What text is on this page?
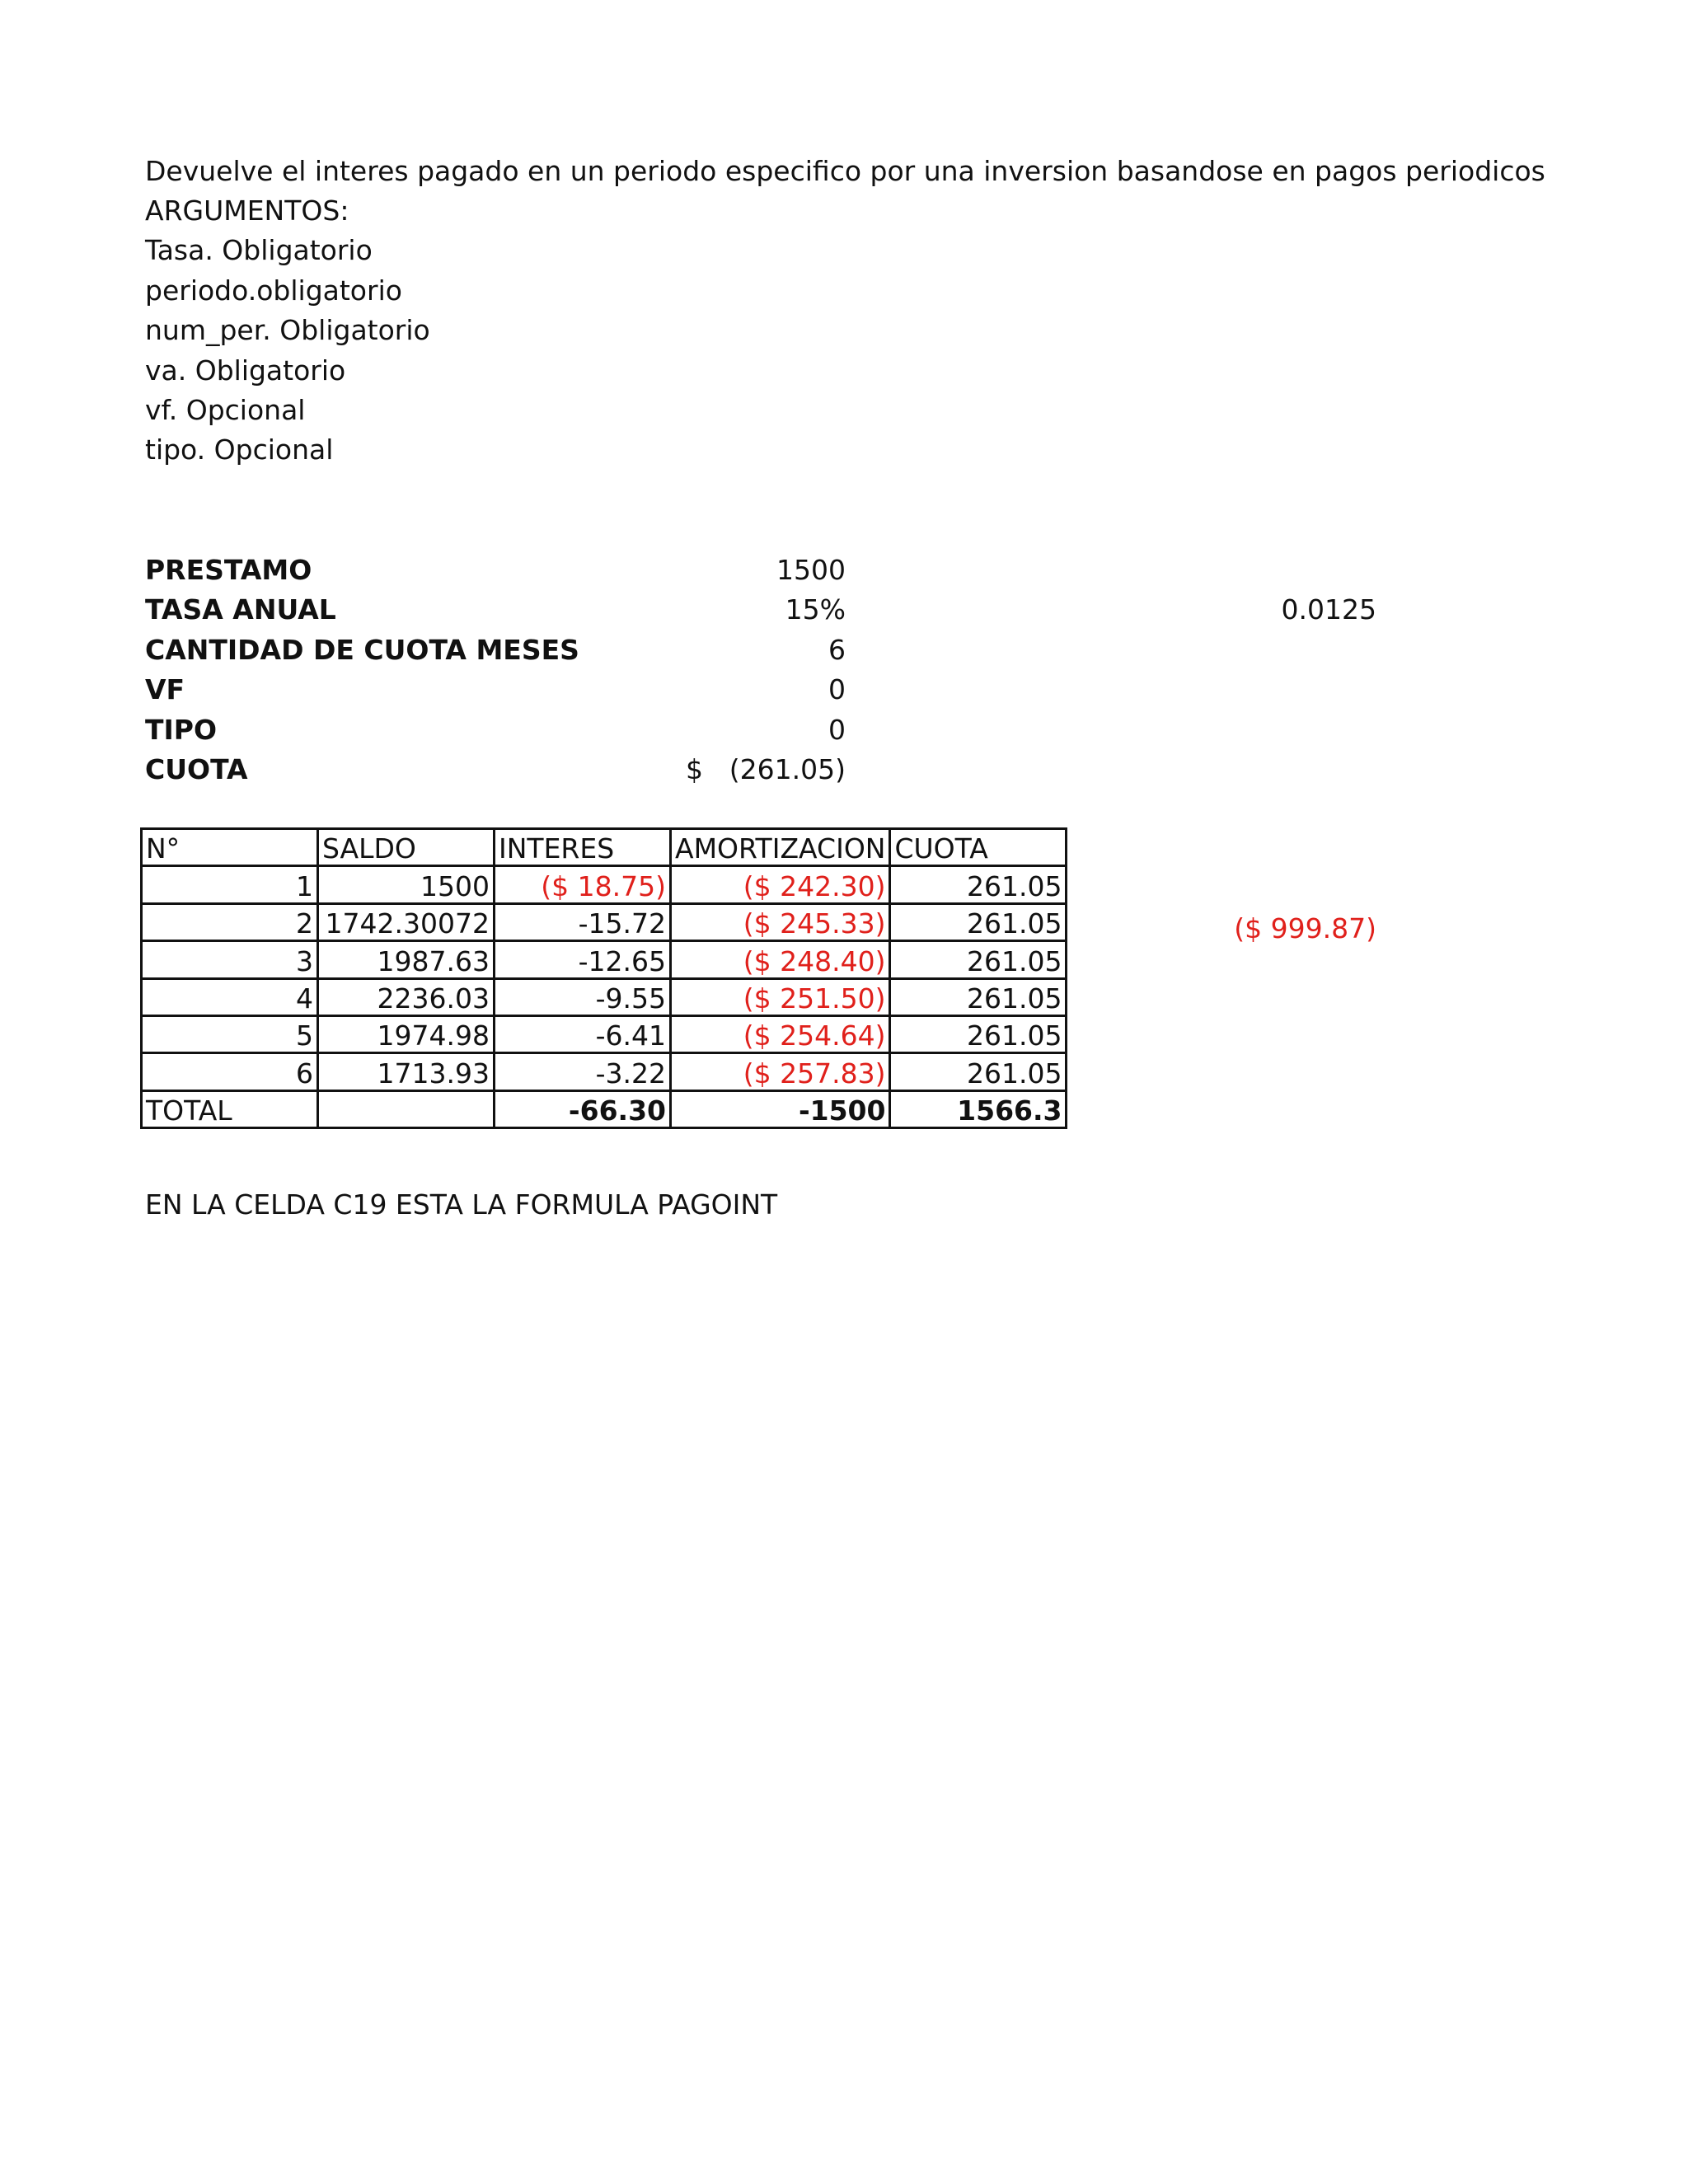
Devuelve el interes pagado en un periodo especifico por una inversion basandose en pagos periodicos
ARGUMENTOS:
Tasa. Obligatorio
periodo.obligatorio
num_per. Obligatorio
va. Obligatorio
vf. Opcional
tipo. Opcional
PRESTAMO	1500
TASA ANUAL	15%
CANTIDAD DE CUOTA MESES	6
VF	0
TIPO	0
CUOTA	$ (261.05)
0.0125
($ 999.87)
N°	SALDO	INTERES	AMORTIZACION	CUOTA
1	1500	($ 18.75)	($ 242.30)	261.05
2	1742.30072	-15.72	($ 245.33)	261.05
3	1987.63	-12.65	($ 248.40)	261.05
4	2236.03	-9.55	($ 251.50)	261.05
5	1974.98	-6.41	($ 254.64)	261.05
6	1713.93	-3.22	($ 257.83)	261.05
TOTAL		-66.30	-1500	1566.3
EN LA CELDA C19 ESTA LA FORMULA PAGOINT
